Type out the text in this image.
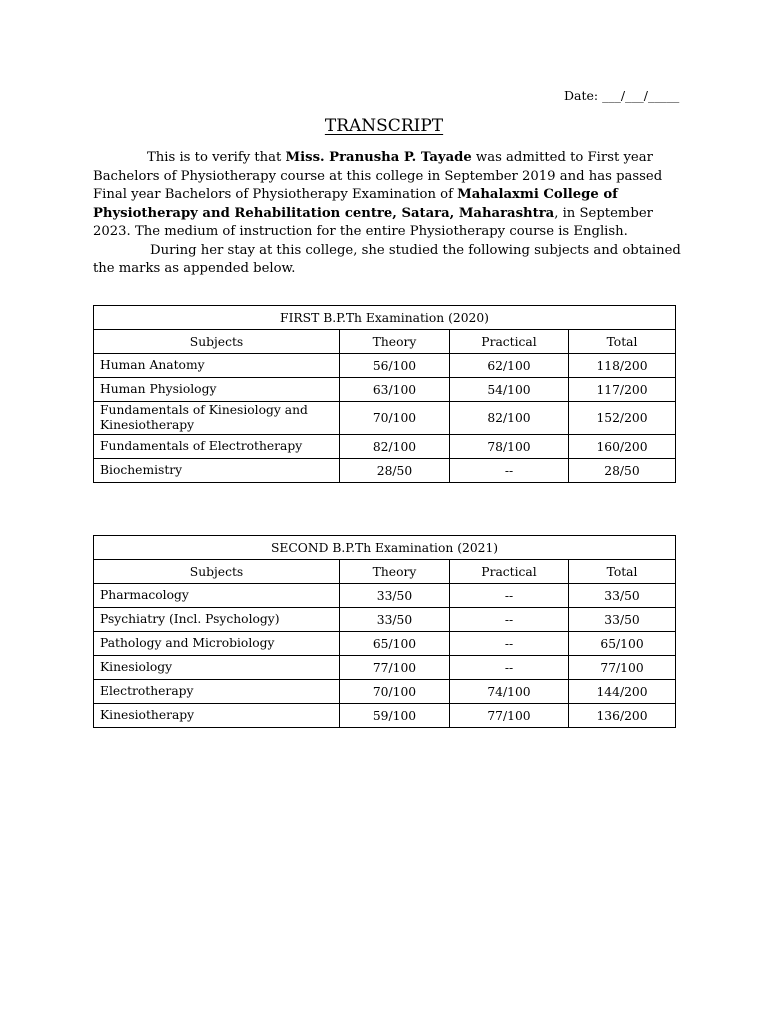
Date: ___/___/_____
TRANSCRIPT

This is to verify that Miss. Pranusha P. Tayade was admitted to First year Bachelors of Physiotherapy course at this college in September 2019 and has passed Final year Bachelors of Physiotherapy Examination of Mahalaxmi College of Physiotherapy and Rehabilitation centre, Satara, Maharashtra, in September 2023. The medium of instruction for the entire Physiotherapy course is English.

During her stay at this college, she studied the following subjects and obtained the marks as appended below.

FIRST B.P.Th Examination (2020)			
Subjects	Theory	Practical	Total
Human Anatomy	56/100	62/100	118/200
Human Physiology	63/100	54/100	117/200
Fundamentals of Kinesiology and Kinesiotherapy	70/100	82/100	152/200
Fundamentals of Electrotherapy	82/100	78/100	160/200
Biochemistry	28/50	--	28/50
SECOND B.P.Th Examination (2021)			
Subjects	Theory	Practical	Total
Pharmacology	33/50	--	33/50
Psychiatry (Incl. Psychology)	33/50	--	33/50
Pathology and Microbiology	65/100	--	65/100
Kinesiology	77/100	--	77/100
Electrotherapy	70/100	74/100	144/200
Kinesiotherapy	59/100	77/100	136/200
